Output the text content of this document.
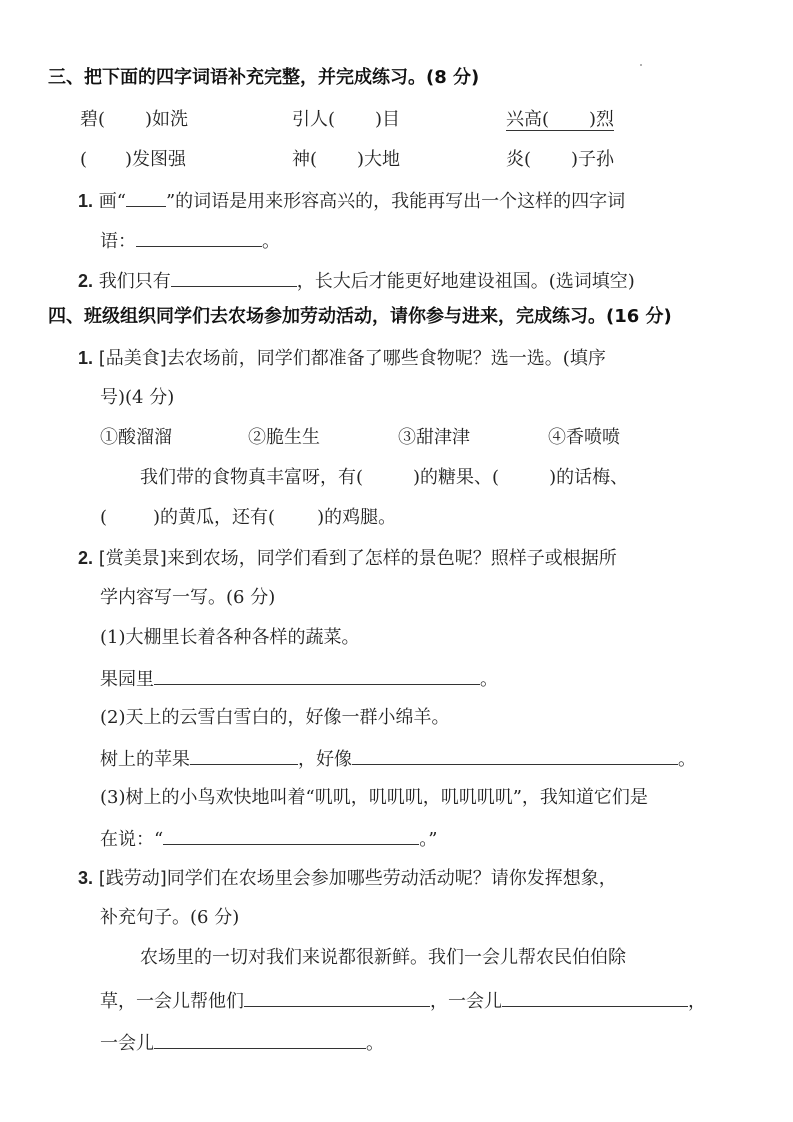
三、把下面的四字词语补充完整，并完成练习。(8 分)
碧( )如洗	引人( )目	兴高( )烈
( )发图强	神( )大地	炎( )子孙
1. 画“ ”的词语是用来形容高兴的，我能再写出一个这样的四字词
语：	。
2. 我们只有	，长大后才能更好地建设祖国。(选词填空)
四、班级组织同学们去农场参加劳动活动，请你参与进来，完成练习。(16 分)
1. [品美食]去农场前，同学们都准备了哪些食物呢？选一选。(填序
号)(4 分)
①酸溜溜	②脆生生	③甜津津	④香喷喷
我们带的食物真丰富呀，有(	)的糖果、(	)的话梅、
(	)的黄瓜，还有( )的鸡腿。
2. [赏美景]来到农场，同学们看到了怎样的景色呢？照样子或根据所
学内容写一写。(6 分)
(1)大棚里长着各种各样的蔬菜。
果园里	。
(2)天上的云雪白雪白的，好像一群小绵羊。
树上的苹果	，好像	。
(3)树上的小鸟欢快地叫着“叽叽，叽叽叽，叽叽叽叽”，我知道它们是
在说：“	。”
3. [践劳动]同学们在农场里会参加哪些劳动活动呢？请你发挥想象，
补充句子。(6 分)
农场里的一切对我们来说都很新鲜。我们一会儿帮农民伯伯除
草，一会儿帮他们	，一会儿	，
一会儿	。
